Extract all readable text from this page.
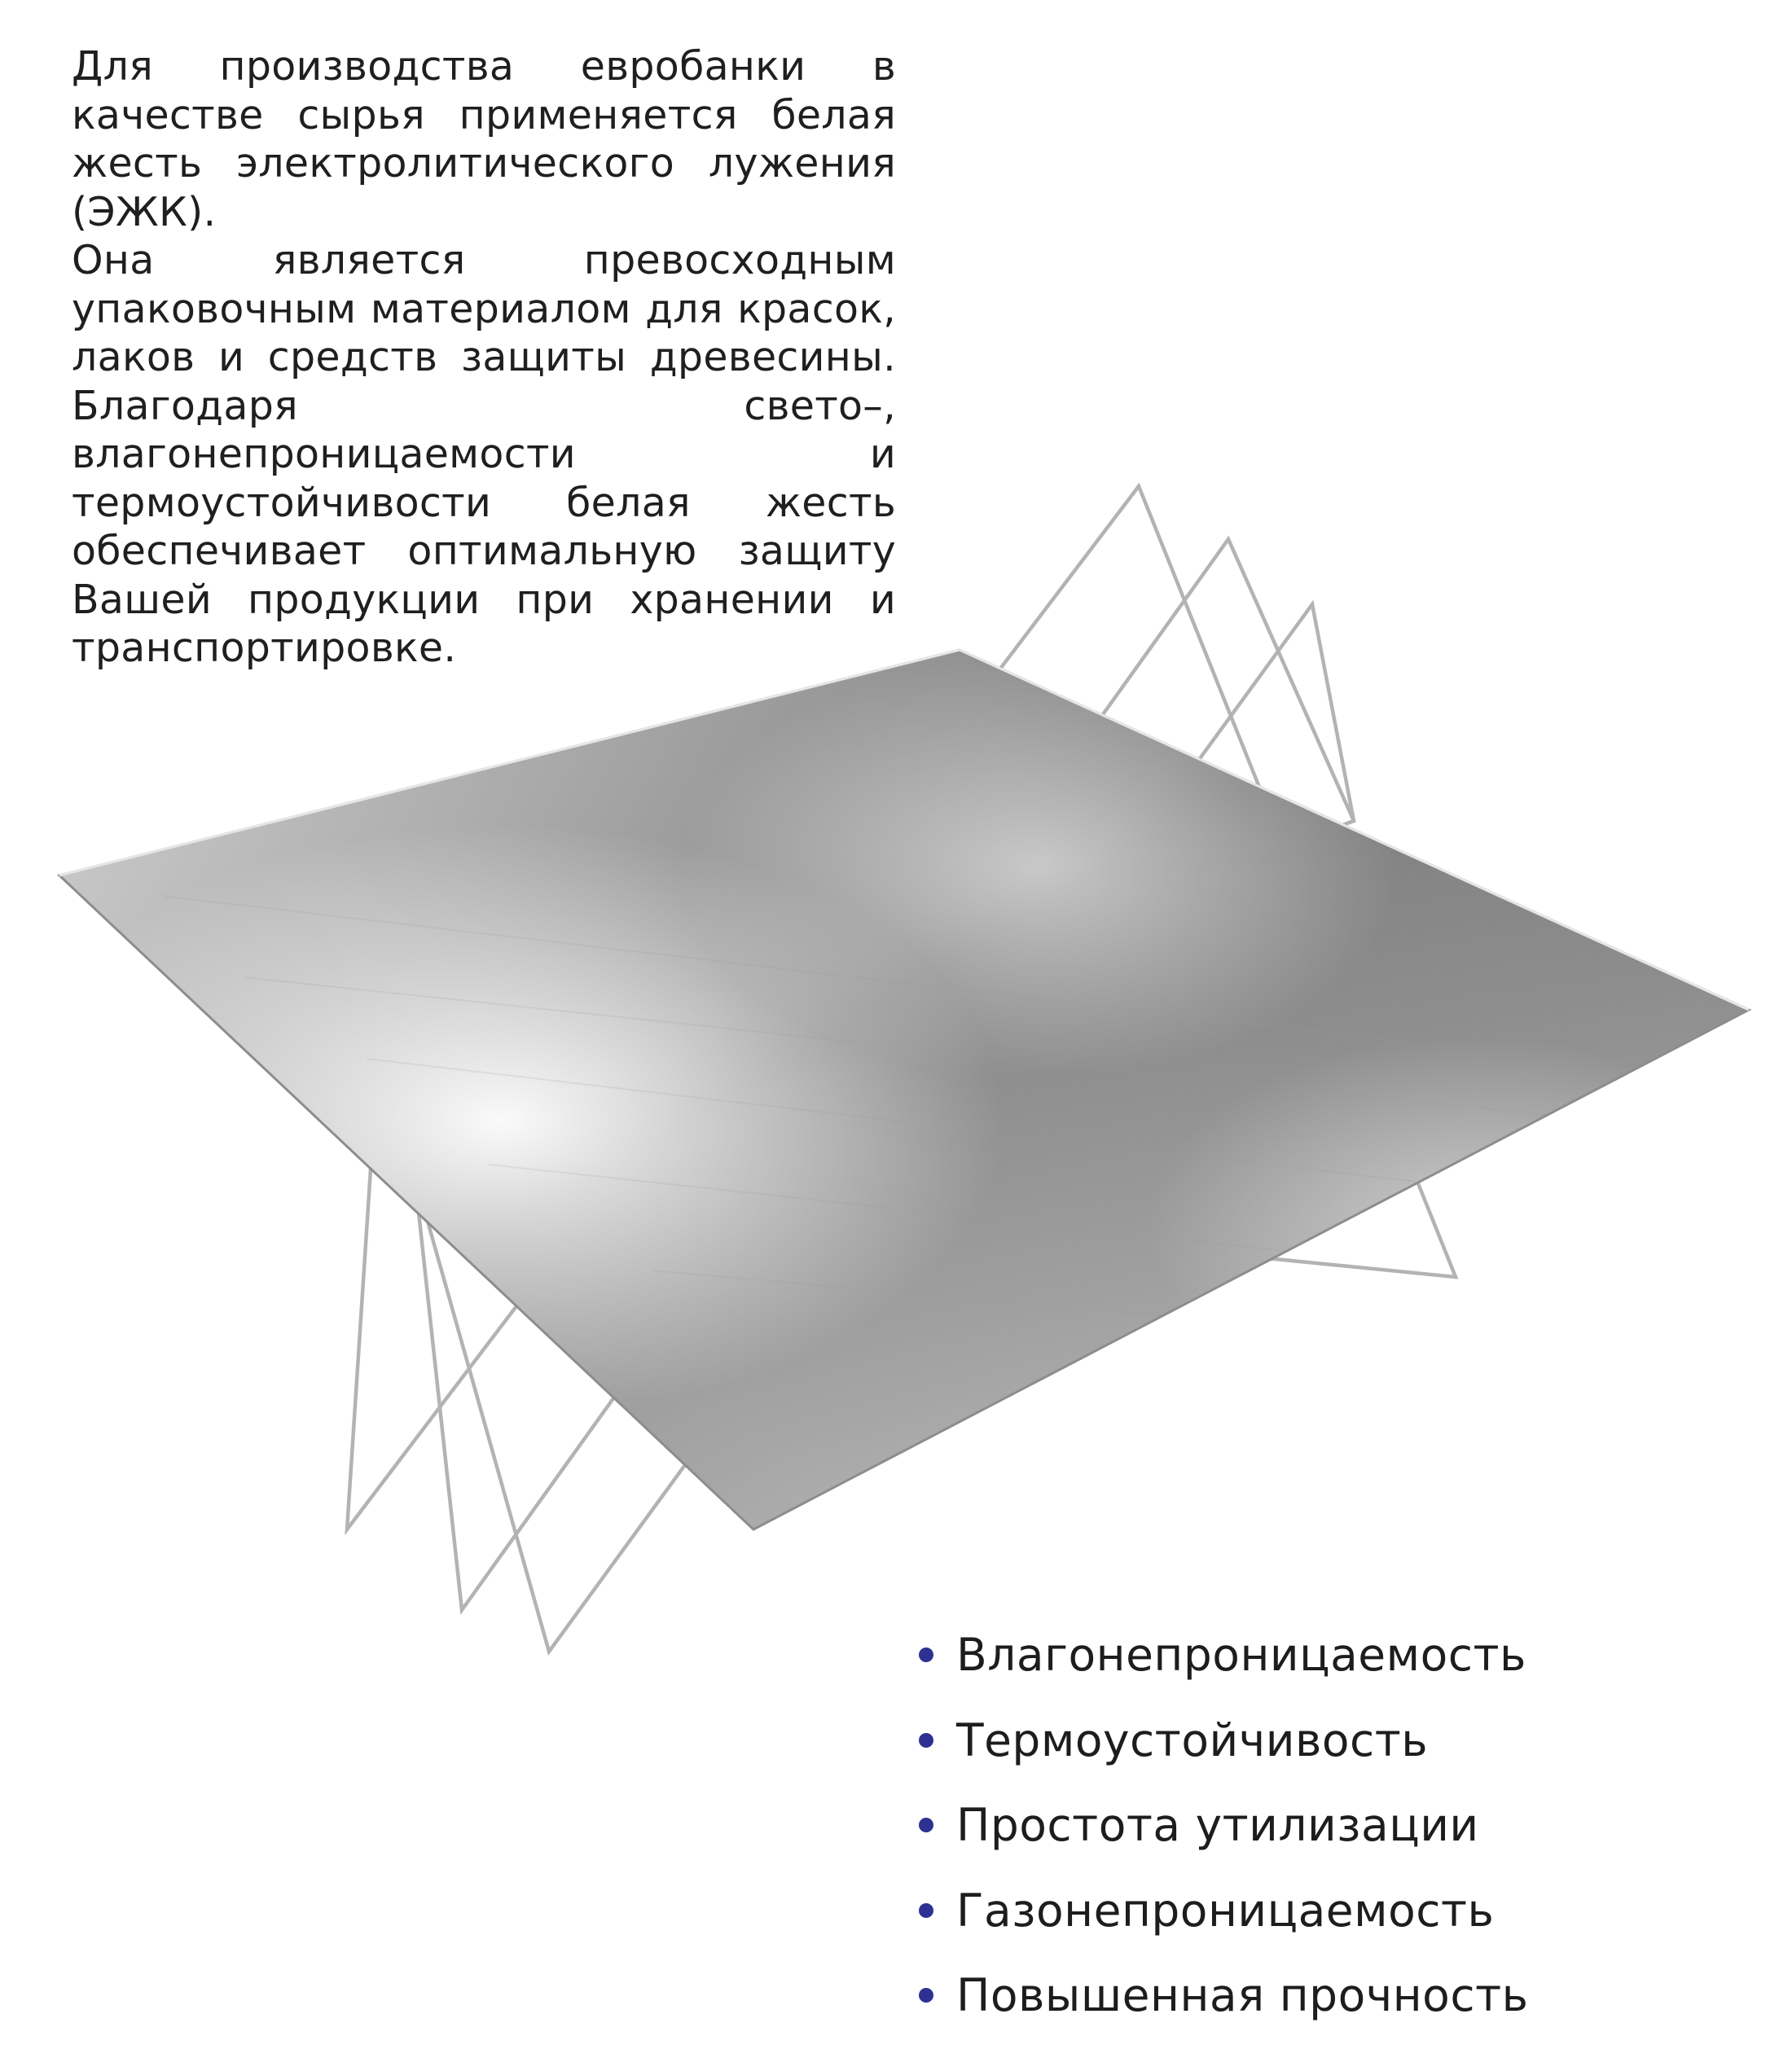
Для производства евробанки в качестве сырья применяется белая жесть электролитического лужения (ЭЖК).

Она является превосходным упаковочным материалом для красок, лаков и средств защиты древесины. Благодаря свето–, влагонепроницаемости и термоустойчивости белая жесть обеспечивает оптимальную защиту Вашей продукции при хранении и транспортировке.

Влагонепроницаемость
Термоустойчивость
Простота утилизации
Газонепроницаемость
Повышенная прочность
